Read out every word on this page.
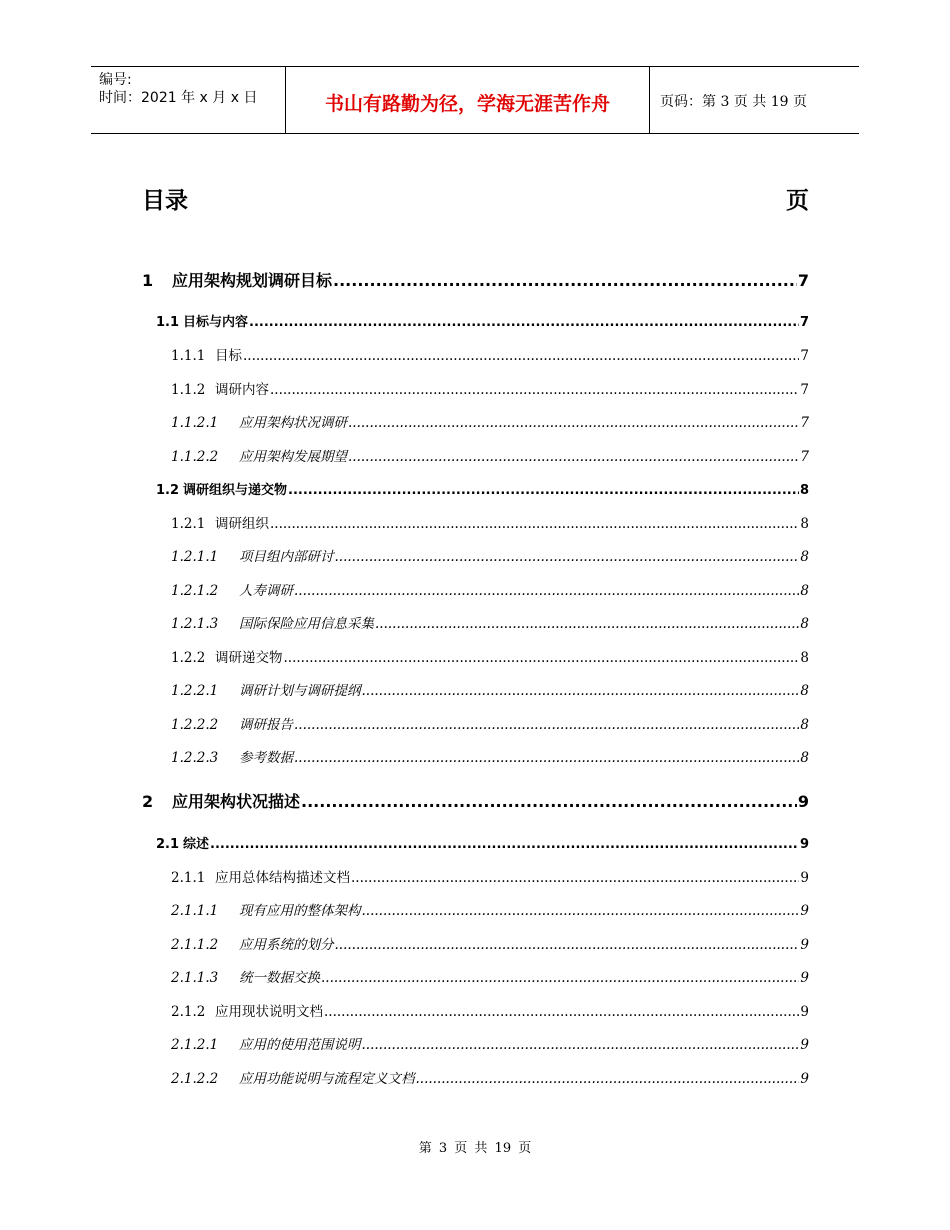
编号:
时间：2021 年 x 月 x 日	书山有路勤为径，学海无涯苦作舟	页码：第 3 页 共 19 页
目录	页
1	应用架构规划调研目标 .....	7
1.1 目标与内容 .....	7
1.1.1 目标 .....	7
1.1.2 调研内容 .....	7
1.1.2.1	应用架构状况调研 .....	7
1.1.2.2	应用架构发展期望 .....	7
1.2 调研组织与递交物 .....	8
1.2.1 调研组织 .....	8
1.2.1.1	项目组内部研讨 .....	8
1.2.1.2	人寿调研 .....	8
1.2.1.3	国际保险应用信息采集 .....	8
1.2.2 调研递交物 .....	8
1.2.2.1	调研计划与调研提纲 .....	8
1.2.2.2	调研报告 .....	8
1.2.2.3	参考数据 .....	8
2	应用架构状况描述 .....	9
2.1 综述 .....	9
2.1.1 应用总体结构描述文档 .....	9
2.1.1.1	现有应用的整体架构 .....	9
2.1.1.2	应用系统的划分 .....	9
2.1.1.3	统一数据交换 .....	9
2.1.2 应用现状说明文档 .....	9
2.1.2.1	应用的使用范围说明 .....	9
2.1.2.2	应用功能说明与流程定义文档 .....	9
第 3 页 共 19 页
